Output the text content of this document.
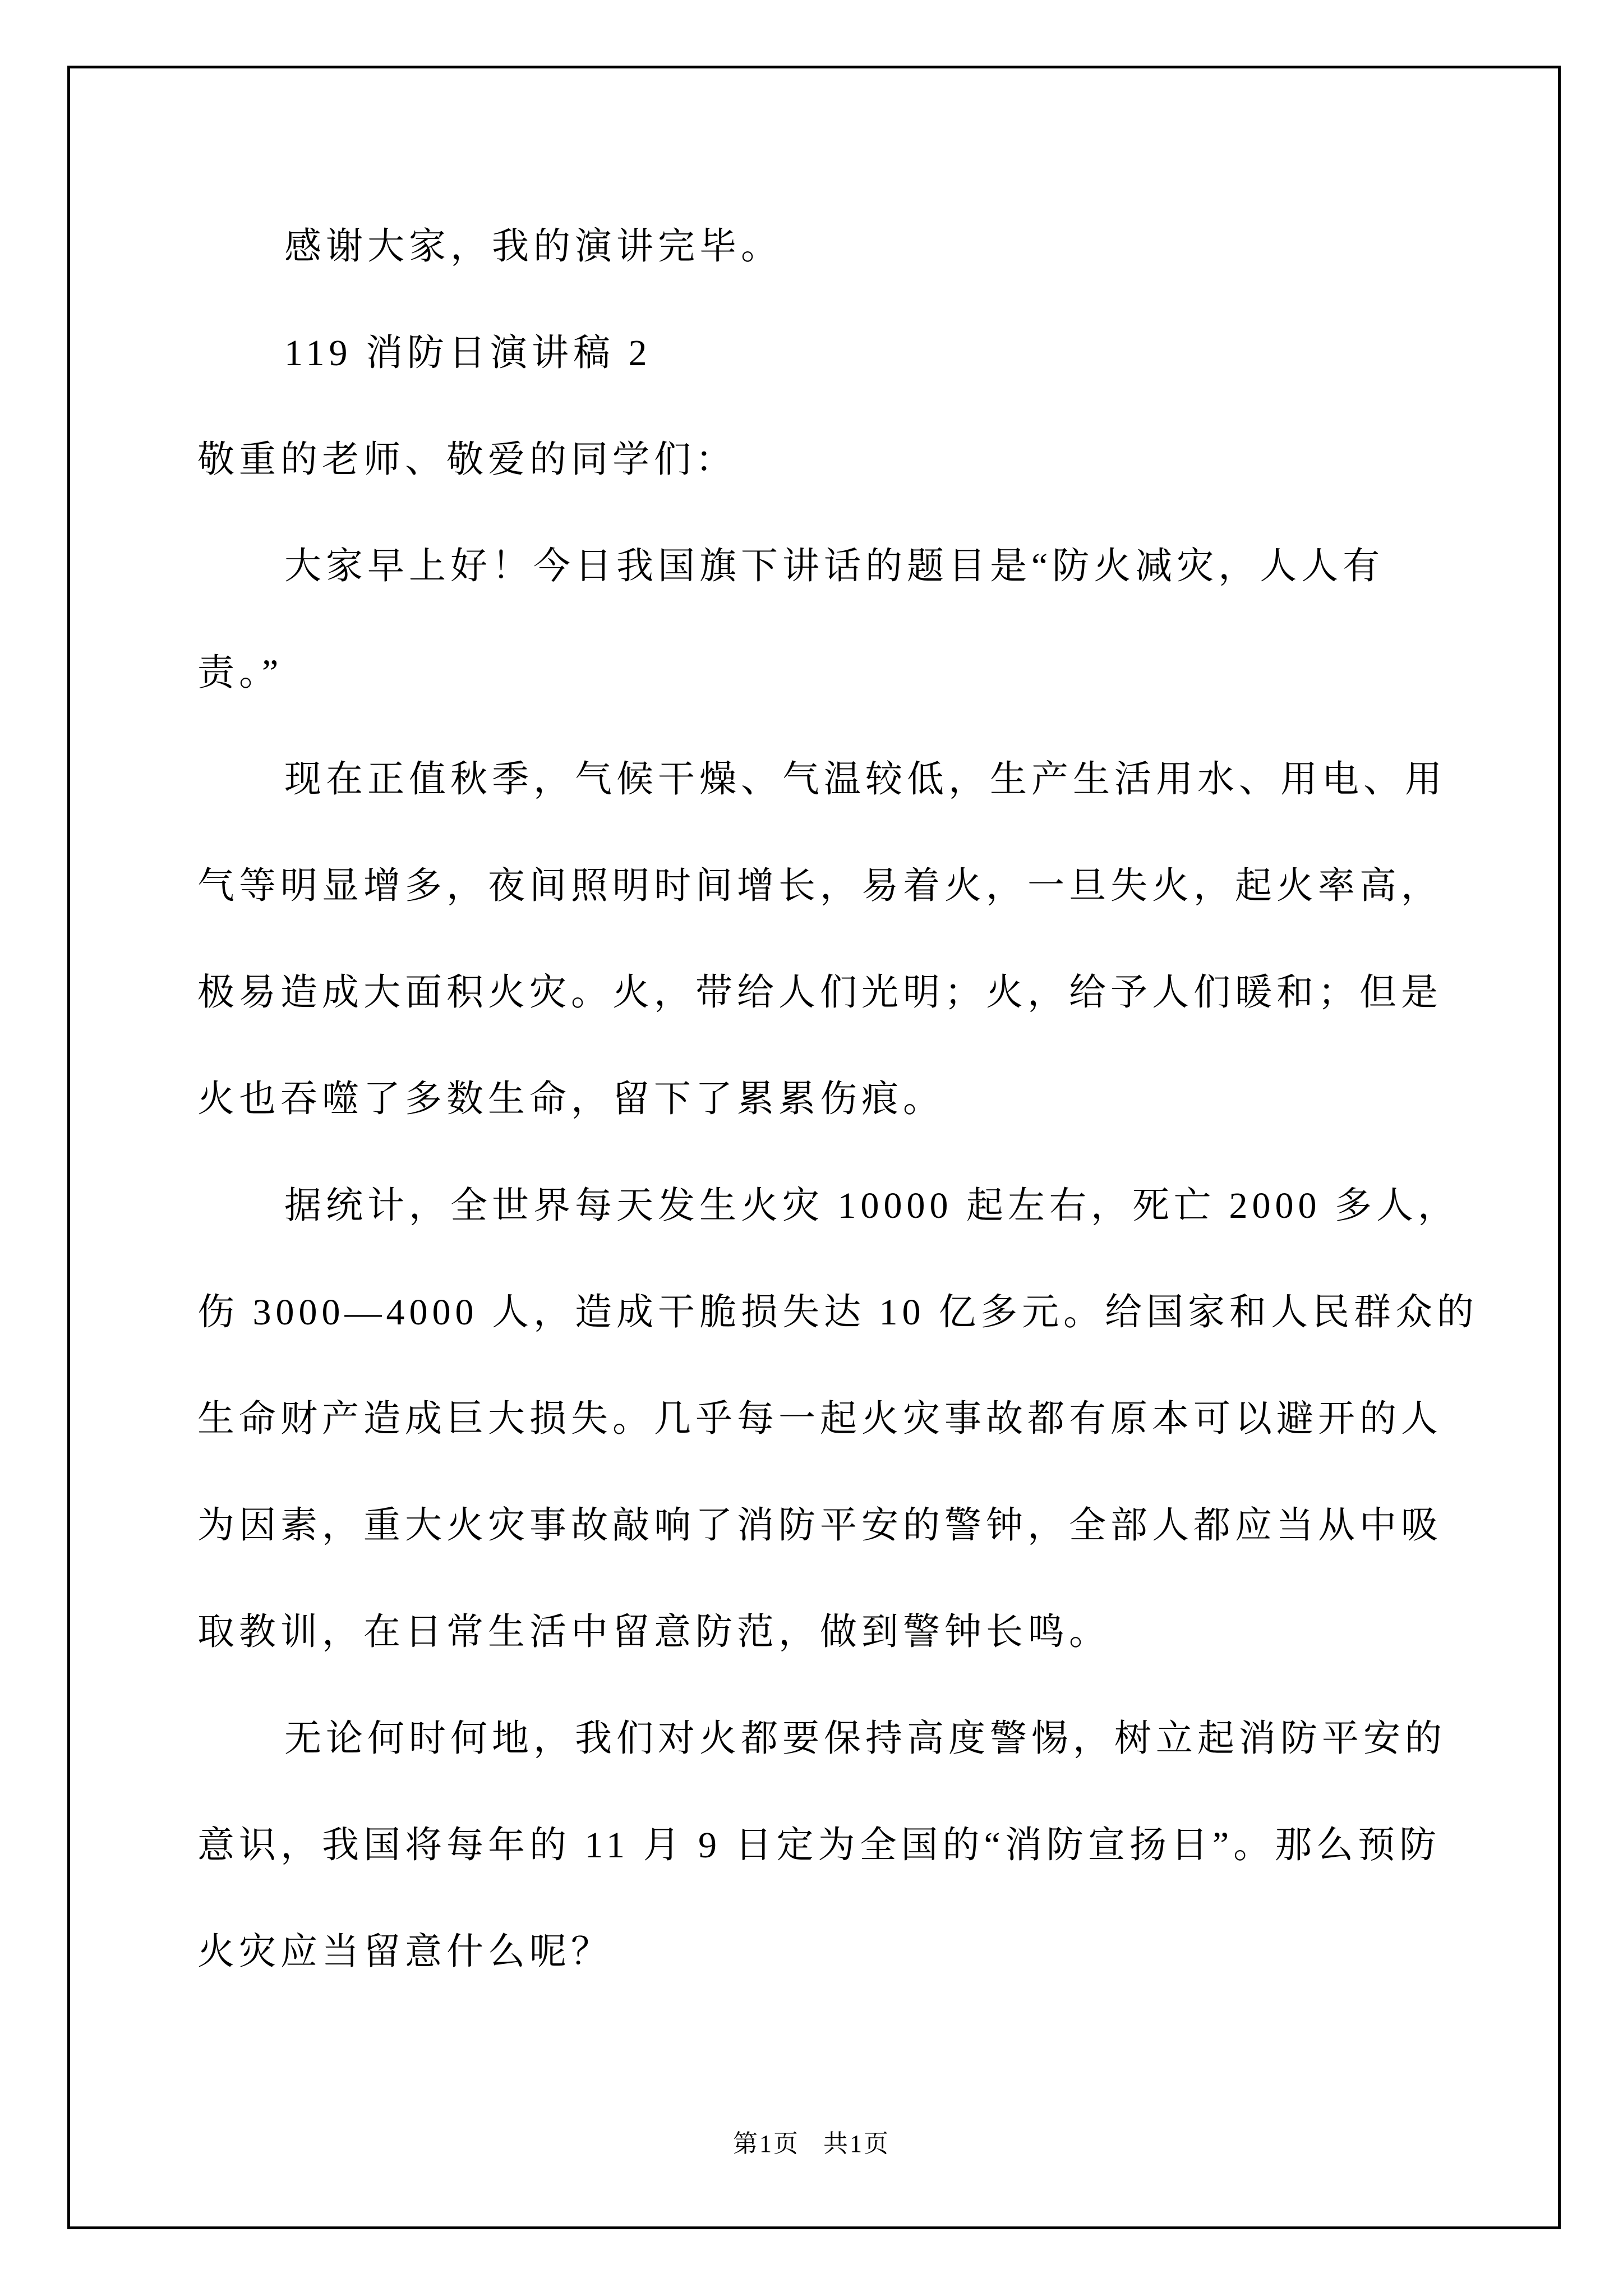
感谢大家，我的演讲完毕。
119 消防日演讲稿 2
敬重的老师、敬爱的同学们：
大家早上好！今日我国旗下讲话的题目是“防火减灾，人人有
责。”
现在正值秋季，气候干燥、气温较低，生产生活用水、用电、用
气等明显增多，夜间照明时间增长，易着火，一旦失火，起火率高，
极易造成大面积火灾。火，带给人们光明；火，给予人们暖和；但是
火也吞噬了多数生命，留下了累累伤痕。
据统计，全世界每天发生火灾 10000 起左右，死亡 2000 多人，
伤 3000—4000 人，造成干脆损失达 10 亿多元。给国家和人民群众的
生命财产造成巨大损失。几乎每一起火灾事故都有原本可以避开的人
为因素，重大火灾事故敲响了消防平安的警钟，全部人都应当从中吸
取教训，在日常生活中留意防范，做到警钟长鸣。
无论何时何地，我们对火都要保持高度警惕，树立起消防平安的
意识，我国将每年的 11 月 9 日定为全国的“消防宣扬日”。那么预防
火灾应当留意什么呢？
第1页 共1页
